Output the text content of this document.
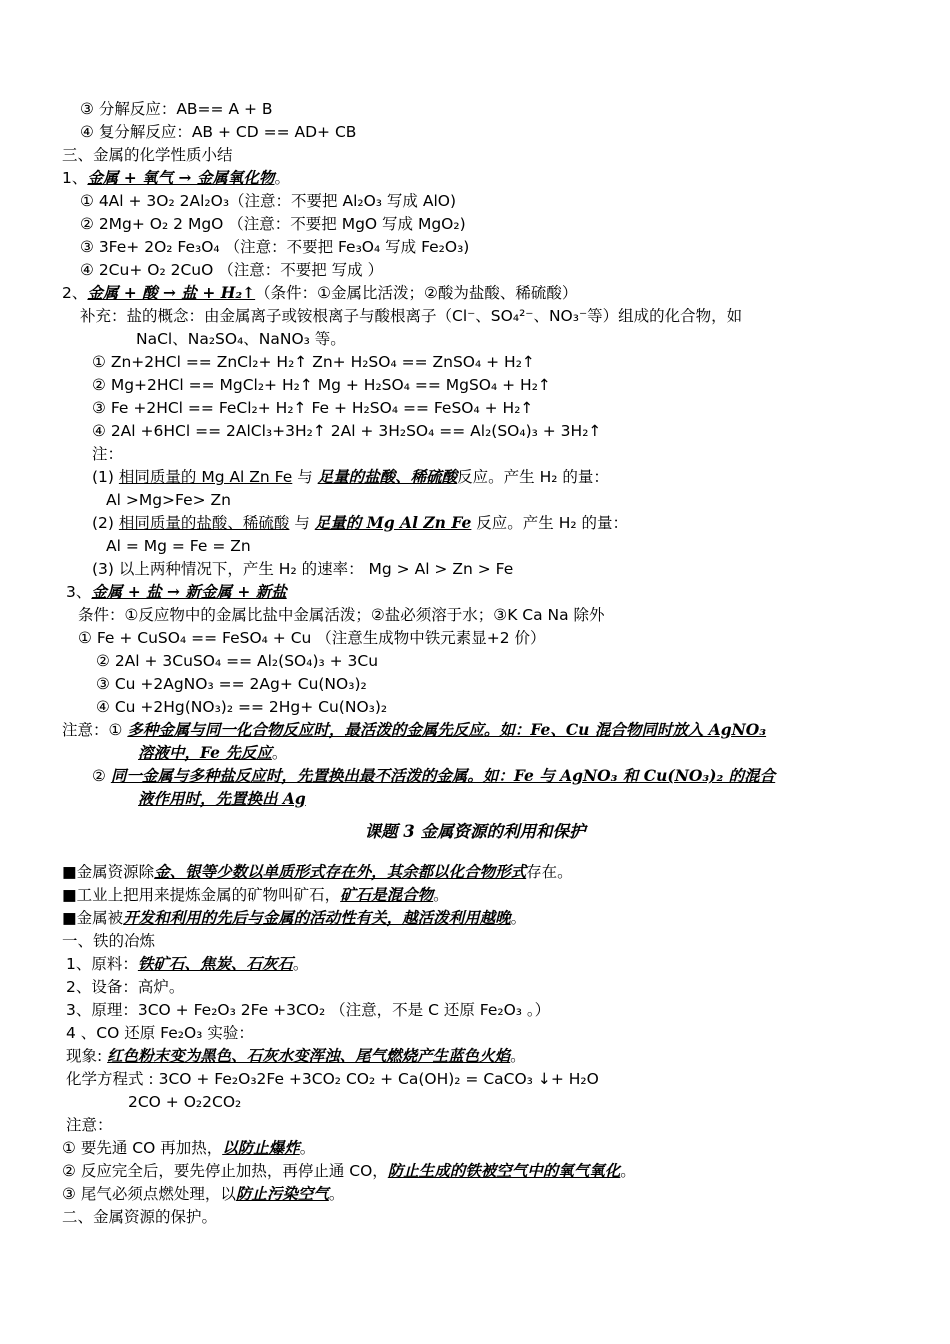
课题 3 金属资源的利用和保护
③ 分解反应：AB== A + B
④ 复分解反应：AB + CD == AD+ CB
三、金属的化学性质小结
1、金属 + 氧气 → 金属氧化物。
① 4Al + 3O₂ 2Al₂O₃（注意：不要把 Al₂O₃ 写成 AlO)
② 2Mg+ O₂ 2 MgO （注意：不要把 MgO 写成 MgO₂)
③ 3Fe+ 2O₂ Fe₃O₄ （注意：不要把 Fe₃O₄ 写成 Fe₂O₃)
④ 2Cu+ O₂ 2CuO （注意：不要把 写成 ）
2、金属 + 酸 → 盐 + H₂↑（条件：①金属比活泼；②酸为盐酸、稀硫酸）
补充：盐的概念：由金属离子或铵根离子与酸根离子（Cl⁻、SO₄²⁻、NO₃⁻等）组成的化合物，如
NaCl、Na₂SO₄、NaNO₃ 等。
① Zn+2HCl == ZnCl₂+ H₂↑ Zn+ H₂SO₄ == ZnSO₄ + H₂↑
② Mg+2HCl == MgCl₂+ H₂↑ Mg + H₂SO₄ == MgSO₄ + H₂↑
③ Fe +2HCl == FeCl₂+ H₂↑ Fe + H₂SO₄ == FeSO₄ + H₂↑
④ 2Al +6HCl == 2AlCl₃+3H₂↑ 2Al + 3H₂SO₄ == Al₂(SO₄)₃ + 3H₂↑
注：
(1) 相同质量的 Mg Al Zn Fe 与 足量的盐酸、稀硫酸反应。产生 H₂ 的量：
Al >Mg>Fe> Zn
(2) 相同质量的盐酸、稀硫酸 与 足量的 Mg Al Zn Fe 反应。产生 H₂ 的量：
Al = Mg = Fe = Zn
(3) 以上两种情况下，产生 H₂ 的速率： Mg > Al > Zn > Fe
3、金属 + 盐 → 新金属 + 新盐
条件：①反应物中的金属比盐中金属活泼；②盐必须溶于水；③K Ca Na 除外
① Fe + CuSO₄ == FeSO₄ + Cu （注意生成物中铁元素显+2 价）
② 2Al + 3CuSO₄ == Al₂(SO₄)₃ + 3Cu
③ Cu +2AgNO₃ == 2Ag+ Cu(NO₃)₂
④ Cu +2Hg(NO₃)₂ == 2Hg+ Cu(NO₃)₂
注意：① 多种金属与同一化合物反应时，最活泼的金属先反应。如：Fe、Cu 混合物同时放入 AgNO₃
溶液中，Fe 先反应。
② 同一金属与多种盐反应时，先置换出最不活泼的金属。如：Fe 与 AgNO₃ 和 Cu(NO₃)₂ 的混合
液作用时，先置换出 Ag
■金属资源除金、银等少数以单质形式存在外，其余都以化合物形式存在。
■工业上把用来提炼金属的矿物叫矿石，矿石是混合物。
■金属被开发和利用的先后与金属的活动性有关，越活泼利用越晚。
一、铁的冶炼
1、原料：铁矿石、焦炭、石灰石。
2、设备：高炉。
3、原理：3CO + Fe₂O₃ 2Fe +3CO₂ （注意，不是 C 还原 Fe₂O₃ 。）
4 、CO 还原 Fe₂O₃ 实验：
现象: 红色粉末变为黑色、石灰水变浑浊、尾气燃烧产生蓝色火焰。
化学方程式 : 3CO + Fe₂O₃2Fe +3CO₂ CO₂ + Ca(OH)₂ = CaCO₃ ↓+ H₂O
2CO + O₂2CO₂
注意：
① 要先通 CO 再加热，以防止爆炸。
② 反应完全后，要先停止加热，再停止通 CO，防止生成的铁被空气中的氧气氧化。
③ 尾气必须点燃处理，以防止污染空气。
二、金属资源的保护。
